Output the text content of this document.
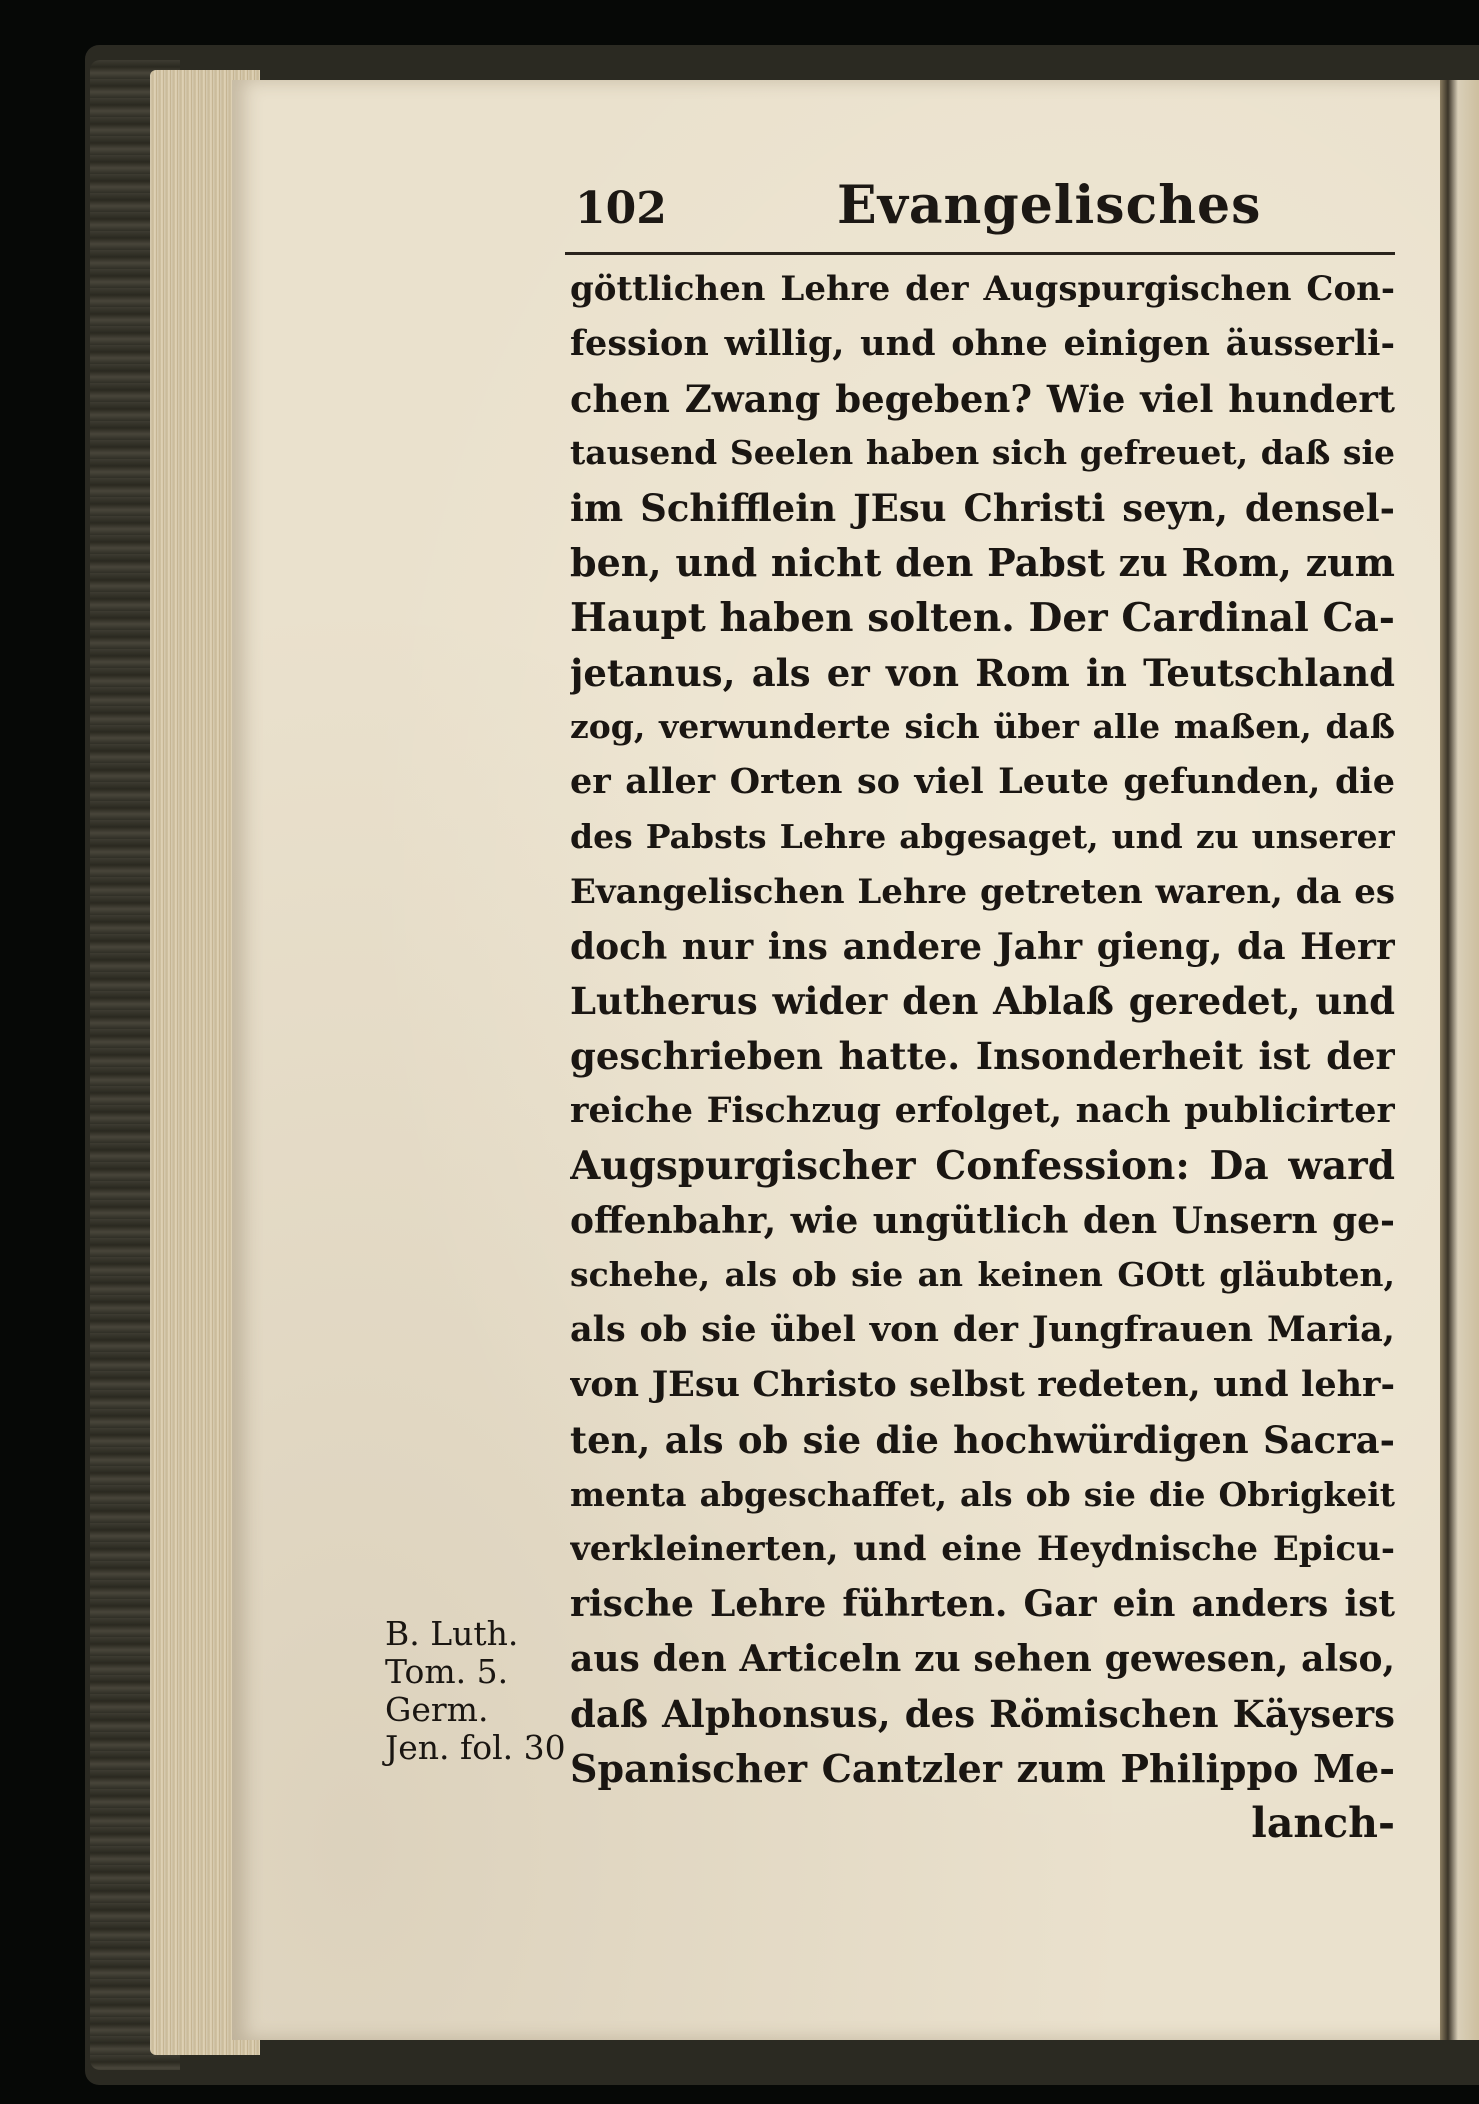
102	Evangelisches
göttlichen Lehre der Augspurgischen Con-
fession willig, und ohne einigen äusserli-
chen Zwang begeben? Wie viel hundert
tausend Seelen haben sich gefreuet, daß sie
im Schifflein JEsu Christi seyn, densel-
ben, und nicht den Pabst zu Rom, zum
Haupt haben solten. Der Cardinal Ca-
jetanus, als er von Rom in Teutschland
zog, verwunderte sich über alle maßen, daß
er aller Orten so viel Leute gefunden, die
des Pabsts Lehre abgesaget, und zu unserer
Evangelischen Lehre getreten waren, da es
doch nur ins andere Jahr gieng, da Herr
Lutherus wider den Ablaß geredet, und
geschrieben hatte. Insonderheit ist der
reiche Fischzug erfolget, nach publicirter
Augspurgischer Confession: Da ward
offenbahr, wie ungütlich den Unsern ge-
schehe, als ob sie an keinen GOtt gläubten,
als ob sie übel von der Jungfrauen Maria,
von JEsu Christo selbst redeten, und lehr-
ten, als ob sie die hochwürdigen Sacra-
menta abgeschaffet, als ob sie die Obrigkeit
verkleinerten, und eine Heydnische Epicu-
rische Lehre führten. Gar ein anders ist
aus den Articeln zu sehen gewesen, also,
daß Alphonsus, des Römischen Käysers
Spanischer Cantzler zum Philippo Me-
lanch-
B. Luth.
Tom. 5.
Germ.
Jen. fol. 30
